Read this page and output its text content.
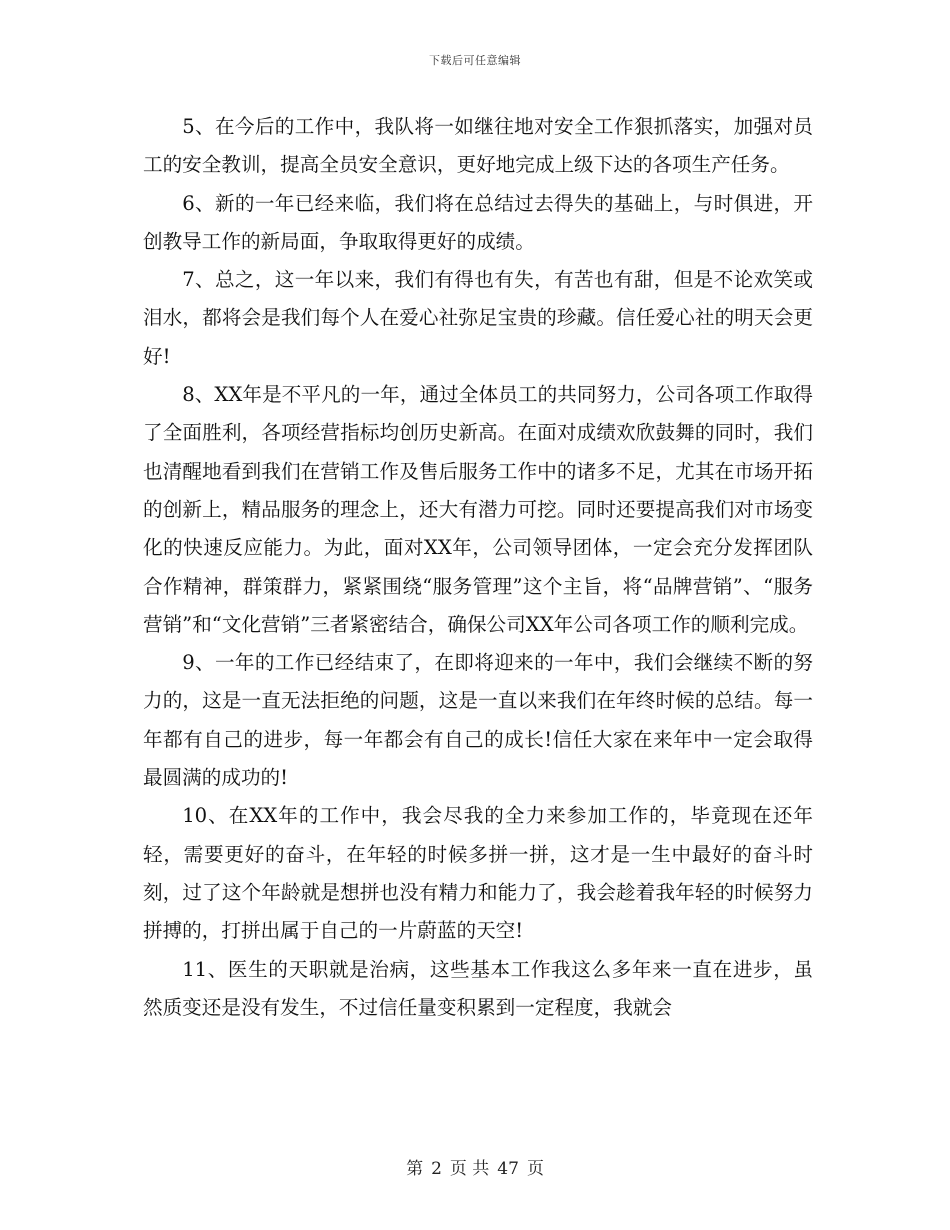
下载后可任意编辑

5、在今后的工作中，我队将一如继往地对安全工作狠抓落实，加强对员工的安全教训，提高全员安全意识，更好地完成上级下达的各项生产任务。

6、新的一年已经来临，我们将在总结过去得失的基础上，与时俱进，开创教导工作的新局面，争取取得更好的成绩。

7、总之，这一年以来，我们有得也有失，有苦也有甜，但是不论欢笑或泪水，都将会是我们每个人在爱心社弥足宝贵的珍藏。信任爱心社的明天会更好!

8、XX年是不平凡的一年，通过全体员工的共同努力，公司各项工作取得了全面胜利，各项经营指标均创历史新高。在面对成绩欢欣鼓舞的同时，我们也清醒地看到我们在营销工作及售后服务工作中的诸多不足，尤其在市场开拓的创新上，精品服务的理念上，还大有潜力可挖。同时还要提高我们对市场变化的快速反应能力。为此，面对XX年，公司领导团体，一定会充分发挥团队合作精神，群策群力，紧紧围绕“服务管理”这个主旨，将“品牌营销”、“服务营销”和“文化营销”三者紧密结合，确保公司XX年公司各项工作的顺利完成。

9、一年的工作已经结束了，在即将迎来的一年中，我们会继续不断的努力的，这是一直无法拒绝的问题，这是一直以来我们在年终时候的总结。每一年都有自己的进步，每一年都会有自己的成长!信任大家在来年中一定会取得最圆满的成功的!

10、在XX年的工作中，我会尽我的全力来参加工作的，毕竟现在还年轻，需要更好的奋斗，在年轻的时候多拼一拼，这才是一生中最好的奋斗时刻，过了这个年龄就是想拼也没有精力和能力了，我会趁着我年轻的时候努力拼搏的，打拼出属于自己的一片蔚蓝的天空!

11、医生的天职就是治病，这些基本工作我这么多年来一直在进步，虽然质变还是没有发生，不过信任量变积累到一定程度，我就会

第 2 页 共 47 页
